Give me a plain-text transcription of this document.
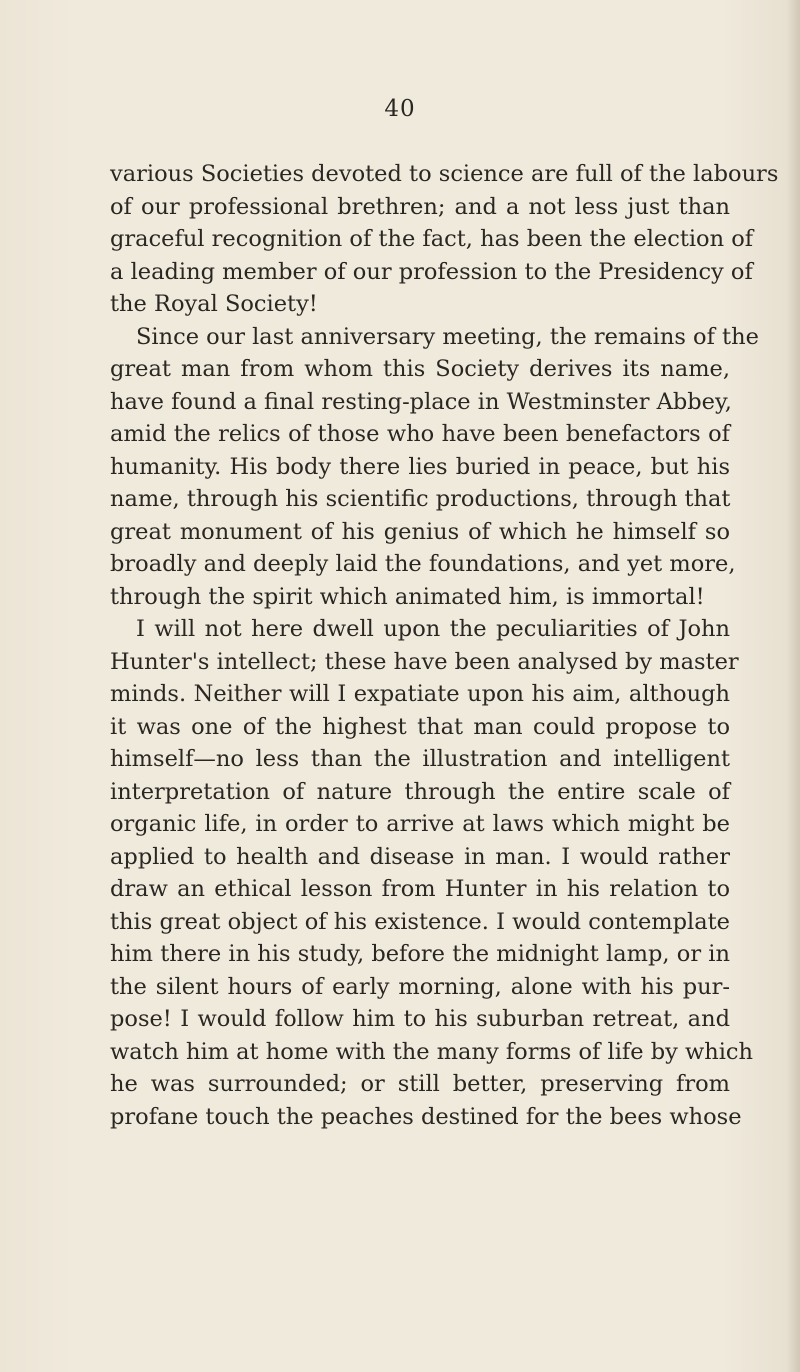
40
various Societies devoted to science are full of the labours
of our professional brethren; and a not less just than
graceful recognition of the fact, has been the election of
a leading member of our profession to the Presidency of
the Royal Society!
Since our last anniversary meeting, the remains of the
great man from whom this Society derives its name,
have found a final resting-place in Westminster Abbey,
amid the relics of those who have been benefactors of
humanity. His body there lies buried in peace, but his
name, through his scientific productions, through that
great monument of his genius of which he himself so
broadly and deeply laid the foundations, and yet more,
through the spirit which animated him, is immortal!
I will not here dwell upon the peculiarities of John
Hunter's intellect; these have been analysed by master
minds. Neither will I expatiate upon his aim, although
it was one of the highest that man could propose to
himself—no less than the illustration and intelligent
interpretation of nature through the entire scale of
organic life, in order to arrive at laws which might be
applied to health and disease in man. I would rather
draw an ethical lesson from Hunter in his relation to
this great object of his existence. I would contemplate
him there in his study, before the midnight lamp, or in
the silent hours of early morning, alone with his pur-
pose! I would follow him to his suburban retreat, and
watch him at home with the many forms of life by which
he was surrounded; or still better, preserving from
profane touch the peaches destined for the bees whose
